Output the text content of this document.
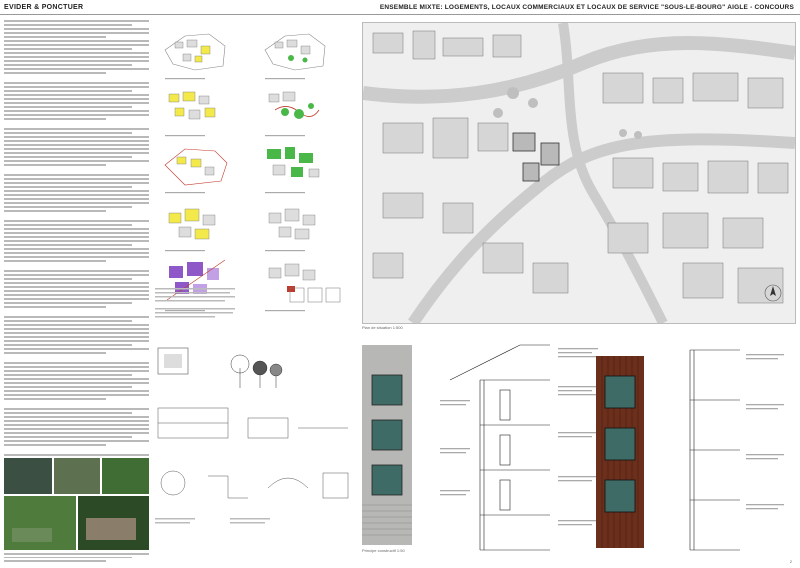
EVIDER & PONCTUER	ENSEMBLE MIXTE: LOGEMENTS, LOCAUX COMMERCIAUX ET LOCAUX DE SERVICE "SOUS-LE-BOURG" AIGLE - CONCOURS
Plan de situation 1:500
Principe constructif 1:50
2
